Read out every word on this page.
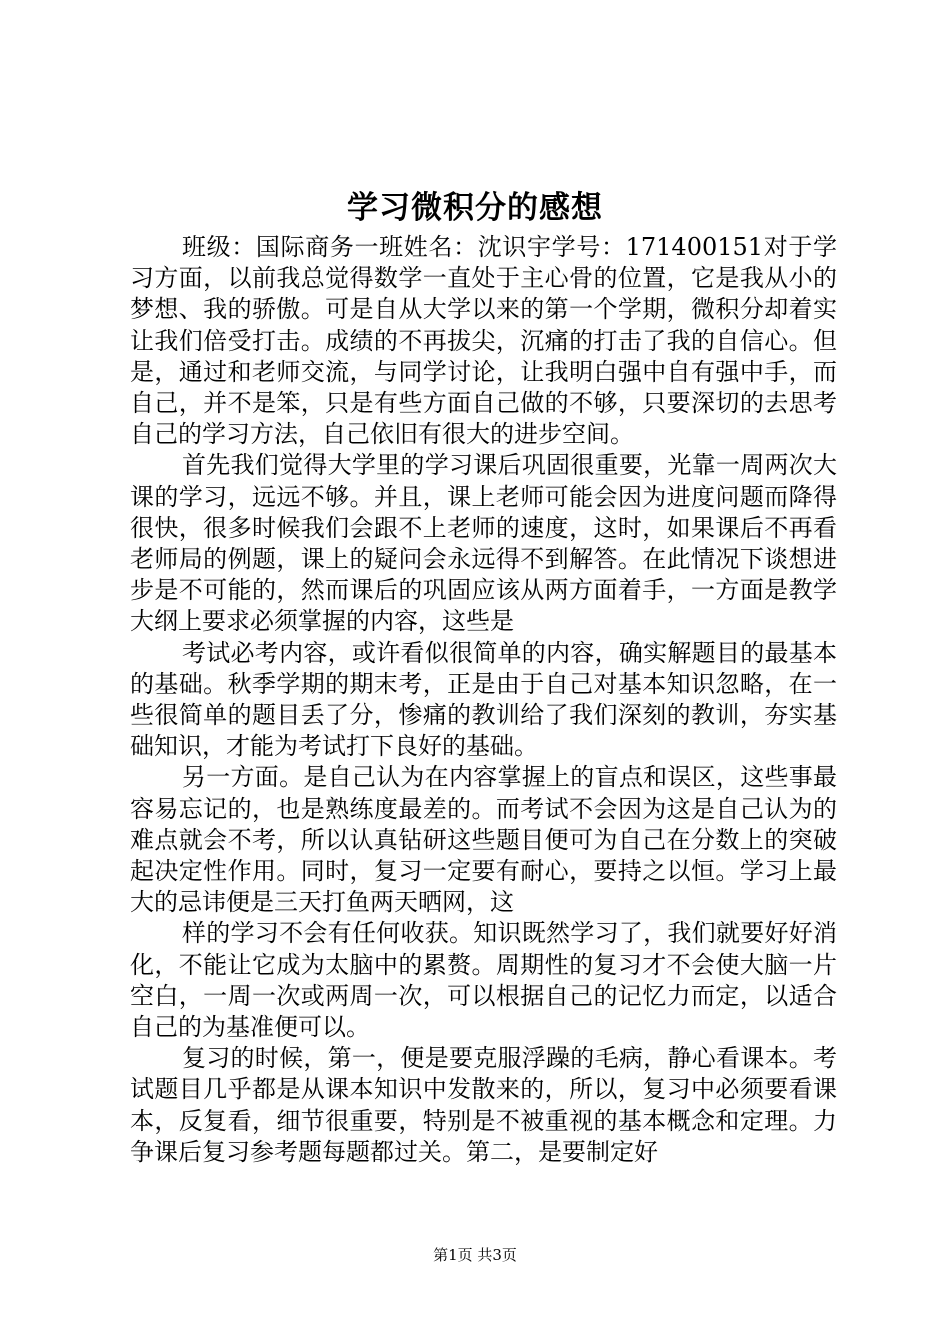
学习微积分的感想

班级：国际商务一班姓名：沈识宇学号：171400151对于学习方面，以前我总觉得数学一直处于主心骨的位置，它是我从小的梦想、我的骄傲。可是自从大学以来的第一个学期，微积分却着实让我们倍受打击。成绩的不再拔尖，沉痛的打击了我的自信心。但是，通过和老师交流，与同学讨论，让我明白强中自有强中手，而自己，并不是笨，只是有些方面自己做的不够，只要深切的去思考自己的学习方法，自己依旧有很大的进步空间。

首先我们觉得大学里的学习课后巩固很重要，光靠一周两次大课的学习，远远不够。并且，课上老师可能会因为进度问题而降得很快，很多时候我们会跟不上老师的速度，这时，如果课后不再看老师局的例题，课上的疑问会永远得不到解答。在此情况下谈想进步是不可能的，然而课后的巩固应该从两方面着手，一方面是教学大纲上要求必须掌握的内容，这些是

考试必考内容，或许看似很简单的内容，确实解题目的最基本的基础。秋季学期的期末考，正是由于自己对基本知识忽略，在一些很简单的题目丢了分，惨痛的教训给了我们深刻的教训，夯实基础知识，才能为考试打下良好的基础。

另一方面。是自己认为在内容掌握上的盲点和误区，这些事最容易忘记的，也是熟练度最差的。而考试不会因为这是自己认为的难点就会不考，所以认真钻研这些题目便可为自己在分数上的突破起决定性作用。同时，复习一定要有耐心，要持之以恒。学习上最大的忌讳便是三天打鱼两天晒网，这

样的学习不会有任何收获。知识既然学习了，我们就要好好消化，不能让它成为太脑中的累赘。周期性的复习才不会使大脑一片空白，一周一次或两周一次，可以根据自己的记忆力而定，以适合自己的为基准便可以。

复习的时候，第一，便是要克服浮躁的毛病，静心看课本。考试题目几乎都是从课本知识中发散来的，所以，复习中必须要看课本，反复看，细节很重要，特别是不被重视的基本概念和定理。力争课后复习参考题每题都过关。第二，是要制定好

第1页 共3页
